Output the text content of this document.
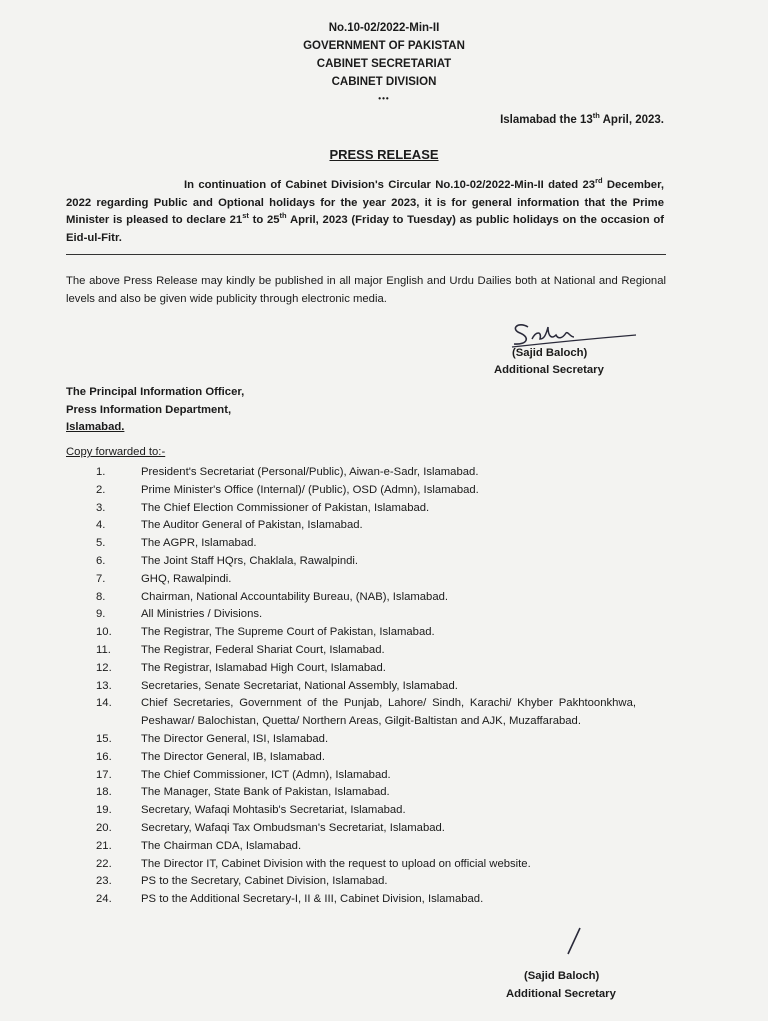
No.10-02/2022-Min-II
GOVERNMENT OF PAKISTAN
CABINET SECRETARIAT
CABINET DIVISION
•••
Islamabad the 13th April, 2023.
PRESS RELEASE
In continuation of Cabinet Division's Circular No.10-02/2022-Min-II dated 23rd December, 2022 regarding Public and Optional holidays for the year 2023, it is for general information that the Prime Minister is pleased to declare 21st to 25th April, 2023 (Friday to Tuesday) as public holidays on the occasion of Eid-ul-Fitr.
The above Press Release may kindly be published in all major English and Urdu Dailies both at National and Regional levels and also be given wide publicity through electronic media.
(Sajid Baloch)
Additional Secretary
The Principal Information Officer,
Press Information Department,
Islamabad.
Copy forwarded to:-
1.	President's Secretariat (Personal/Public), Aiwan-e-Sadr, Islamabad.
2.	Prime Minister's Office (Internal)/ (Public), OSD (Admn), Islamabad.
3.	The Chief Election Commissioner of Pakistan, Islamabad.
4.	The Auditor General of Pakistan, Islamabad.
5.	The AGPR, Islamabad.
6.	The Joint Staff HQrs, Chaklala, Rawalpindi.
7.	GHQ, Rawalpindi.
8.	Chairman, National Accountability Bureau, (NAB), Islamabad.
9.	All Ministries / Divisions.
10.	The Registrar, The Supreme Court of Pakistan, Islamabad.
11.	The Registrar, Federal Shariat Court, Islamabad.
12.	The Registrar, Islamabad High Court, Islamabad.
13.	Secretaries, Senate Secretariat, National Assembly, Islamabad.
14.	Chief Secretaries, Government of the Punjab, Lahore/ Sindh, Karachi/ Khyber Pakhtoonkhwa, Peshawar/ Balochistan, Quetta/ Northern Areas, Gilgit-Baltistan and AJK, Muzaffarabad.
15.	The Director General, ISI, Islamabad.
16.	The Director General, IB, Islamabad.
17.	The Chief Commissioner, ICT (Admn), Islamabad.
18.	The Manager, State Bank of Pakistan, Islamabad.
19.	Secretary, Wafaqi Mohtasib's Secretariat, Islamabad.
20.	Secretary, Wafaqi Tax Ombudsman's Secretariat, Islamabad.
21.	The Chairman CDA, Islamabad.
22.	The Director IT, Cabinet Division with the request to upload on official website.
23.	PS to the Secretary, Cabinet Division, Islamabad.
24.	PS to the Additional Secretary-I, II & III, Cabinet Division, Islamabad.
(Sajid Baloch)
Additional Secretary
